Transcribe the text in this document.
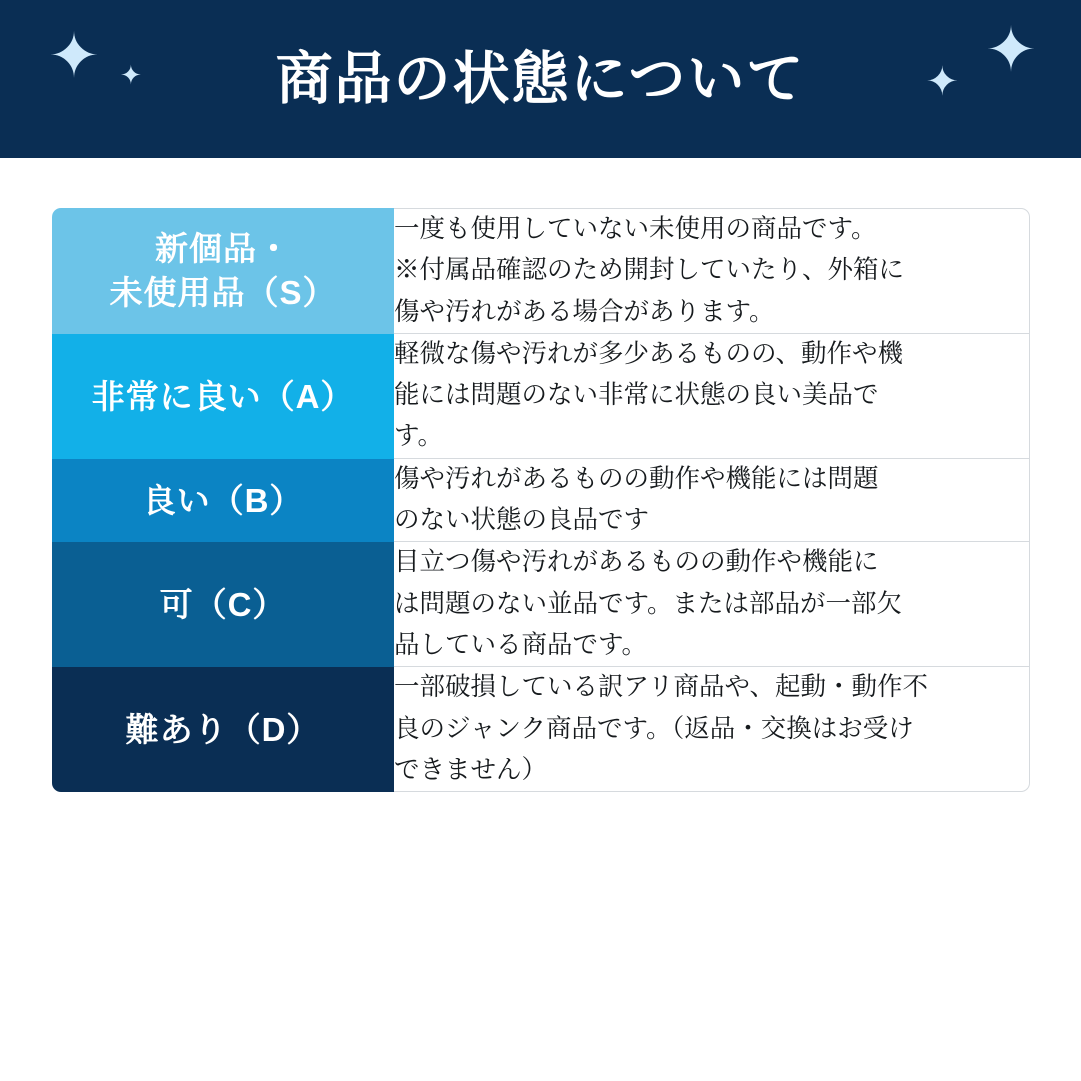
✦ ✦ 商品の状態について	✦
✦
新個品・
未使用品（S）	一度も使用していない未使用の商品です。
※付属品確認のため開封していたり、外箱に
傷や汚れがある場合があります。

非常に良い（A）	軽微な傷や汚れが多少あるものの、動作や機
能には問題のない非常に状態の良い美品で
す。

良い（B）	傷や汚れがあるものの動作や機能には問題
のない状態の良品です

可（C）	目立つ傷や汚れがあるものの動作や機能に
は問題のない並品です。または部品が一部欠
品している商品です。

難あり（D）	一部破損している訳アリ商品や、起動・動作不
良のジャンク商品です。（返品・交換はお受け
できません）
